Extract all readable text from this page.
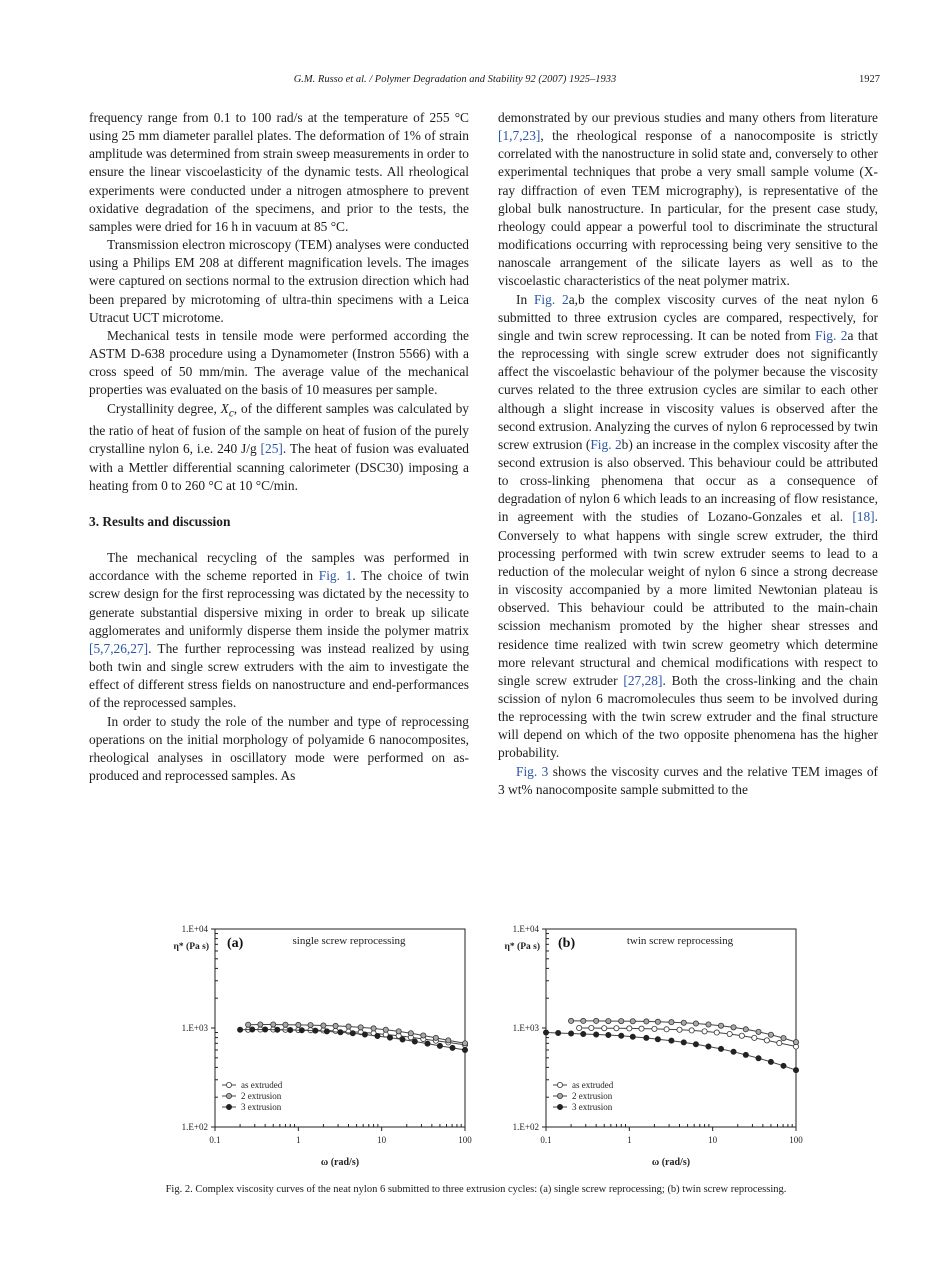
G.M. Russo et al. / Polymer Degradation and Stability 92 (2007) 1925–1933	1927

frequency range from 0.1 to 100 rad/s at the temperature of 255 °C using 25 mm diameter parallel plates. The deformation of 1% of strain amplitude was determined from strain sweep measurements in order to ensure the linear viscoelasticity of the dynamic tests. All rheological experiments were conducted under a nitrogen atmosphere to prevent oxidative degradation of the specimens, and prior to the tests, the samples were dried for 16 h in vacuum at 85 °C.

Transmission electron microscopy (TEM) analyses were conducted using a Philips EM 208 at different magnification levels. The images were captured on sections normal to the extrusion direction which had been prepared by microtoming of ultra-thin specimens with a Leica Utracut UCT microtome.

Mechanical tests in tensile mode were performed according the ASTM D-638 procedure using a Dynamometer (Instron 5566) with a cross speed of 50 mm/min. The average value of the mechanical properties was evaluated on the basis of 10 measures per sample.

Crystallinity degree, $X_c$, of the different samples was calculated by the ratio of heat of fusion of the sample on heat of fusion of the purely crystalline nylon 6, i.e. 240 J/g [25]. The heat of fusion was evaluated with a Mettler differential scanning calorimeter (DSC30) imposing a heating from 0 to 260 °C at 10 °C/min.

3. Results and discussion

The mechanical recycling of the samples was performed in accordance with the scheme reported in Fig. 1. The choice of twin screw design for the first reprocessing was dictated by the necessity to generate substantial dispersive mixing in order to break up silicate agglomerates and uniformly disperse them inside the polymer matrix [5,7,26,27]. The further reprocessing was instead realized by using both twin and single screw extruders with the aim to investigate the effect of different stress fields on nanostructure and end-performances of the reprocessed samples.

In order to study the role of the number and type of reprocessing operations on the initial morphology of polyamide 6 nanocomposites, rheological analyses in oscillatory mode were performed on as-produced and reprocessed samples. As

demonstrated by our previous studies and many others from literature [1,7,23], the rheological response of a nanocomposite is strictly correlated with the nanostructure in solid state and, conversely to other experimental techniques that probe a very small sample volume (X-ray diffraction of even TEM micrography), is representative of the global bulk nanostructure. In particular, for the present case study, rheology could appear a powerful tool to discriminate the structural modifications occurring with reprocessing being very sensitive to the nanoscale arrangement of the silicate layers as well as to the viscoelastic characteristics of the neat polymer matrix.

In Fig. 2a,b the complex viscosity curves of the neat nylon 6 submitted to three extrusion cycles are compared, respectively, for single and twin screw reprocessing. It can be noted from Fig. 2a that the reprocessing with single screw extruder does not significantly affect the viscoelastic behaviour of the polymer because the viscosity curves related to the three extrusion cycles are similar to each other although a slight increase in viscosity values is observed after the second extrusion. Analyzing the curves of nylon 6 reprocessed by twin screw extrusion (Fig. 2b) an increase in the complex viscosity after the second extrusion is also observed. This behaviour could be attributed to cross-linking phenomena that occur as a consequence of degradation of nylon 6 which leads to an increasing of flow resistance, in agreement with the studies of Lozano-Gonzales et al. [18]. Conversely to what happens with single screw extruder, the third processing performed with twin screw extruder seems to lead to a reduction of the molecular weight of nylon 6 since a strong decrease in viscosity accompanied by a more limited Newtonian plateau is observed. This behaviour could be attributed to the main-chain scission mechanism promoted by the higher shear stresses and residence time realized with twin screw geometry which determine more relevant structural and chemical modifications with respect to single screw extruder [27,28]. Both the cross-linking and the chain scission of nylon 6 macromolecules thus seem to be involved during the reprocessing with the twin screw extruder and the final structure will depend on which of the two opposite phenomena has the higher probability.

Fig. 3 shows the viscosity curves and the relative TEM images of 3 wt% nanocomposite sample submitted to the

1.E+02
1.E+03
1.E+04
0.1	1	10	100
η* (Pa s)
ω (rad/s)
(a)	single screw reprocessing
as extruded
2 extrusion
3 extrusion
1.E+02
1.E+03
1.E+04
0.1	1	10	100
η* (Pa s)
ω (rad/s)
(b)	twin screw reprocessing
as extruded
2 extrusion
3 extrusion
Fig. 2. Complex viscosity curves of the neat nylon 6 submitted to three extrusion cycles: (a) single screw reprocessing; (b) twin screw reprocessing.
